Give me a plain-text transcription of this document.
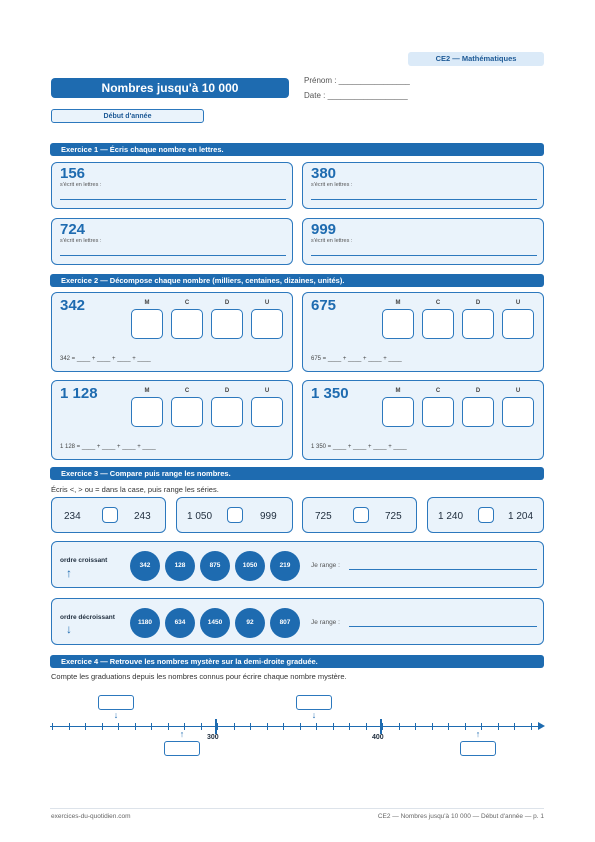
CE2 — Mathématiques
Nombres jusqu'à 10 000
Prénom : ________________
Date : __________________
Début d'année
Exercice 1 — Écris chaque nombre en lettres.
156
s'écrit en lettres :
380
s'écrit en lettres :
724
s'écrit en lettres :
999
s'écrit en lettres :
Exercice 2 — Décompose chaque nombre (milliers, centaines, dizaines, unités).
342	M	C	D	U
342 = ____ + ____ + ____ + ____
675	M	C	D	U
675 = ____ + ____ + ____ + ____
1 128	M	C	D	U
1 128 = ____ + ____ + ____ + ____
1 350	M	C	D	U
1 350 = ____ + ____ + ____ + ____
Exercice 3 — Compare puis range les nombres.
Écris <, > ou = dans la case, puis range les séries.
234	243	1 050	999	725	725	1 240	1 204
ordre croissant
↑
342	128	875	1050	219	Je range :
ordre décroissant
↓	1180	634	1450	92	807	Je range :
Exercice 4 — Retrouve les nombres mystère sur la demi-droite graduée.
Compte les graduations depuis les nombres connus pour écrire chaque nombre mystère.
↓	↓
300	400
↑	↑
exercices-du-quotidien.com	CE2 — Nombres jusqu'à 10 000 — Début d'année — p. 1
